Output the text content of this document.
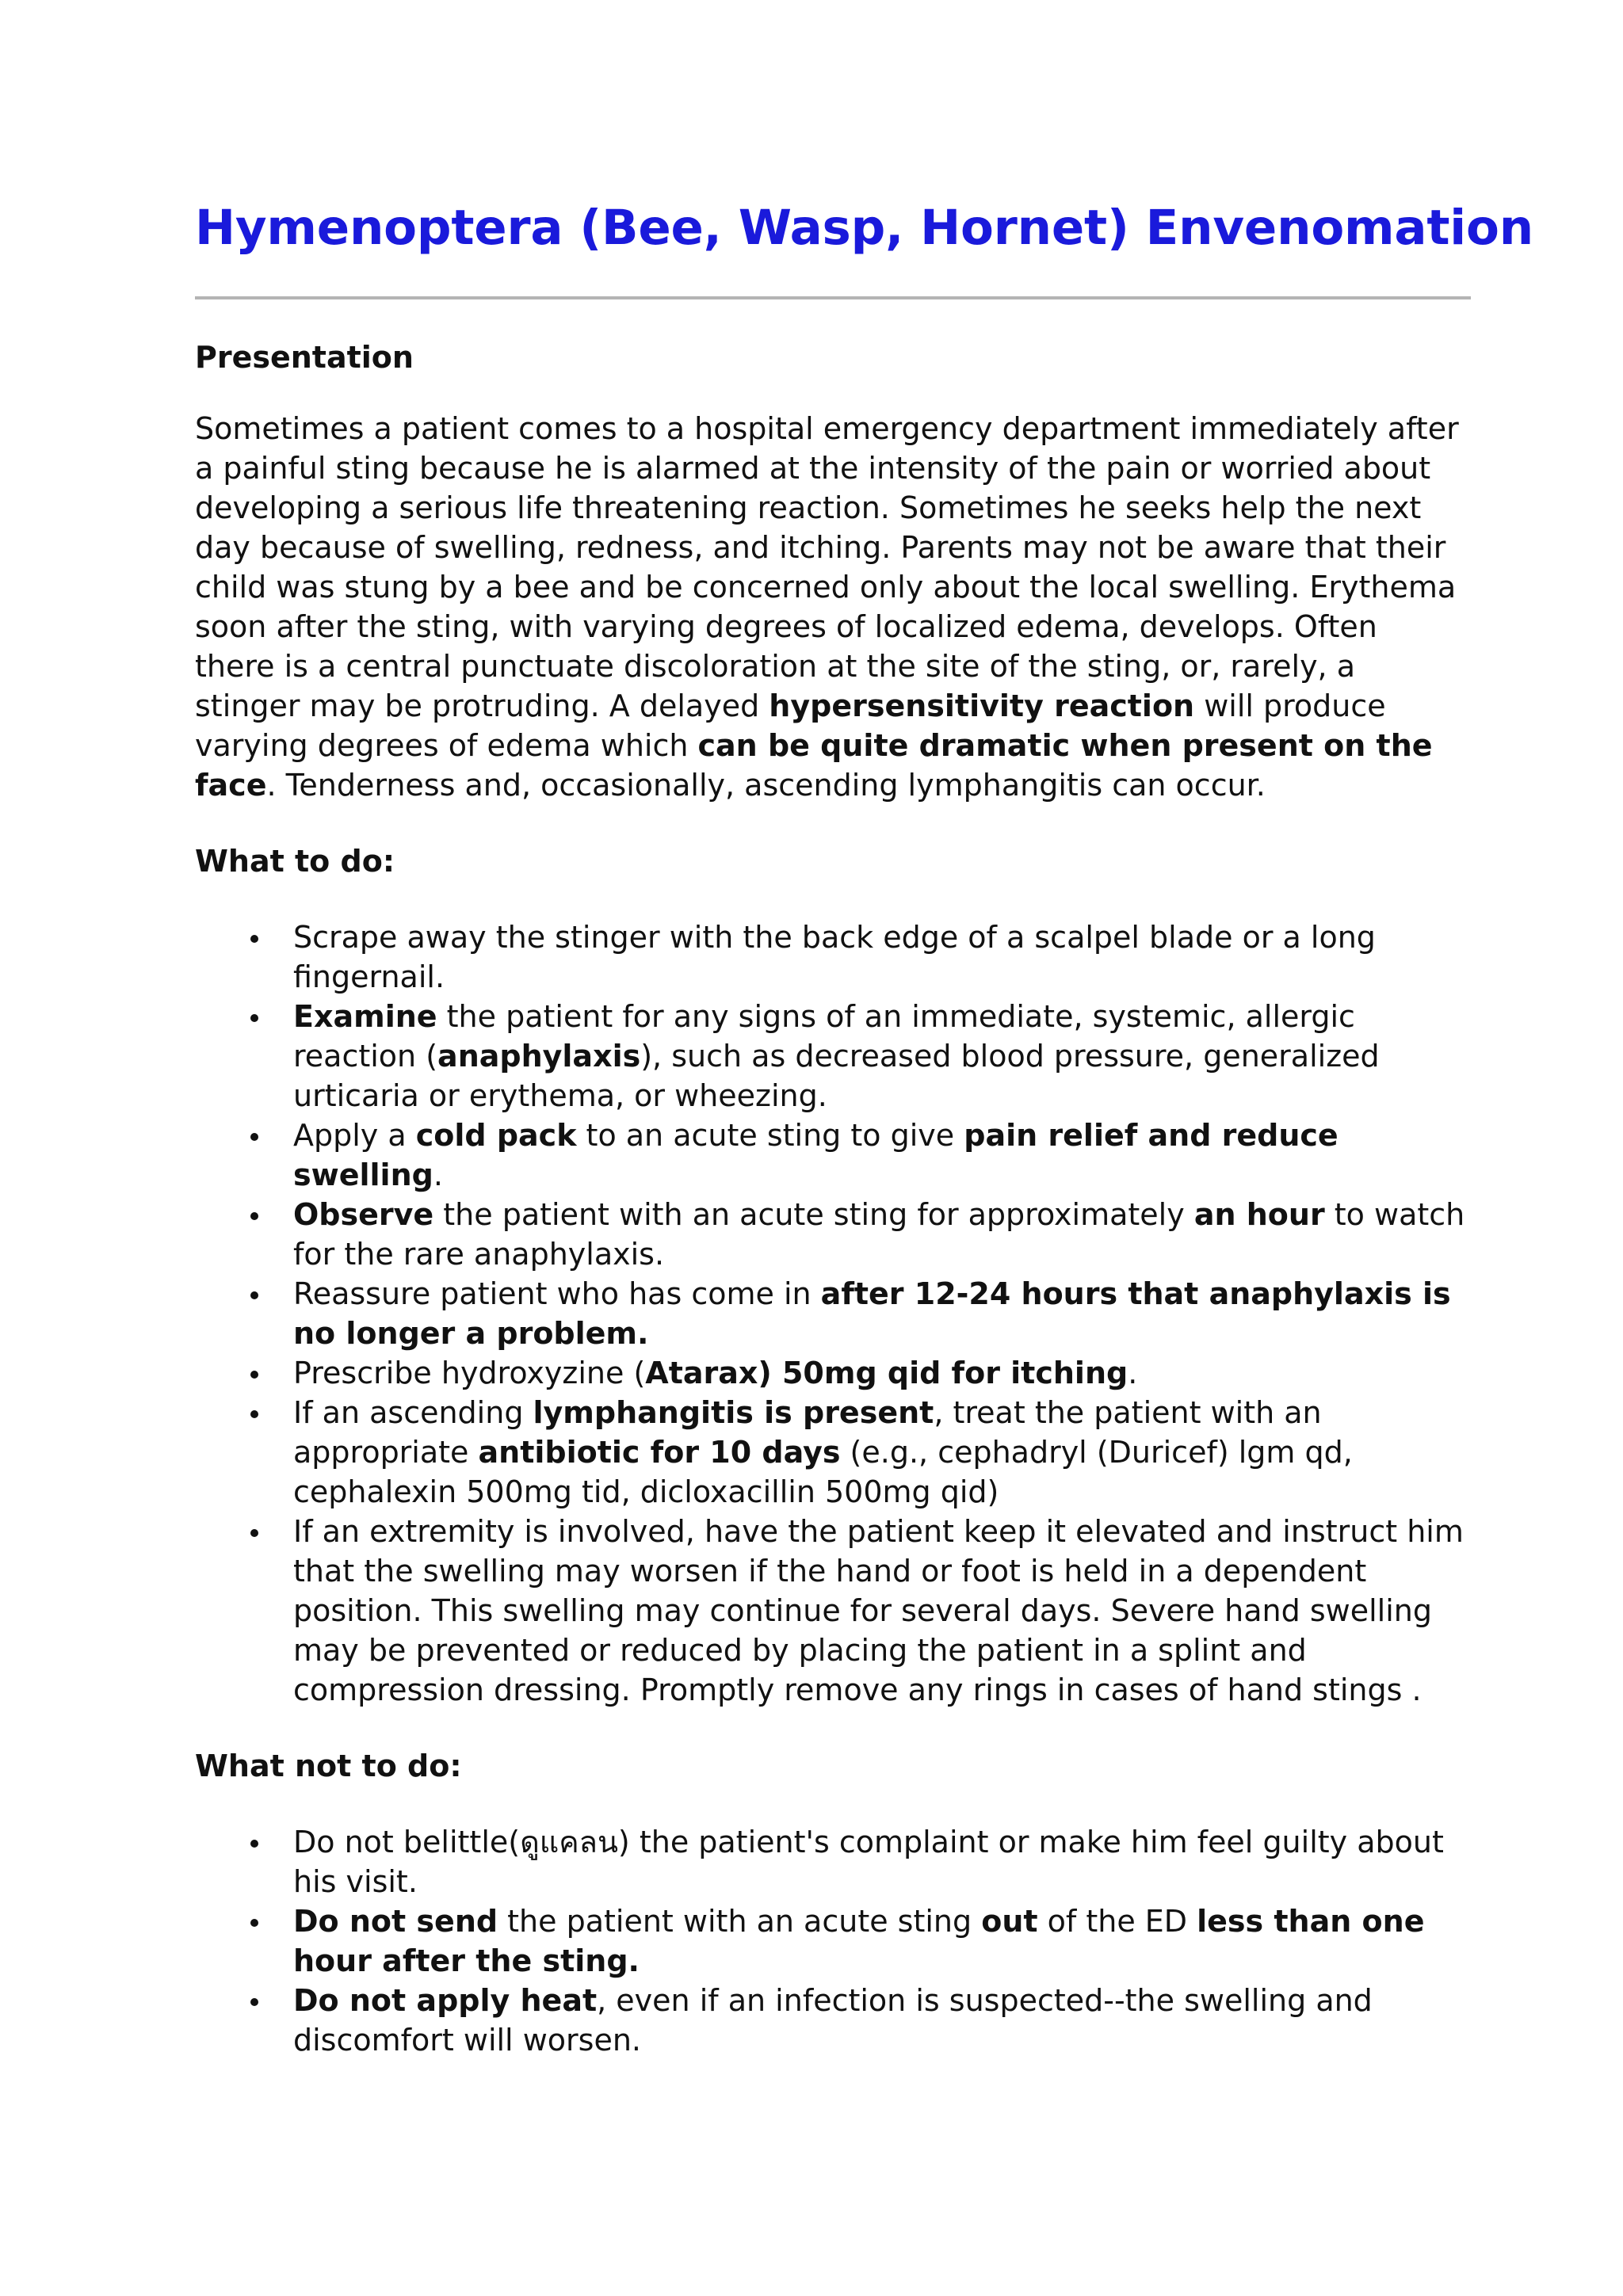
Hymenoptera (Bee, Wasp, Hornet) Envenomation
Presentation

Sometimes a patient comes to a hospital emergency department immediately after a painful sting because he is alarmed at the intensity of the pain or worried about developing a serious life threatening reaction. Sometimes he seeks help the next day because of swelling, redness, and itching. Parents may not be aware that their child was stung by a bee and be concerned only about the local swelling. Erythema soon after the sting, with varying degrees of localized edema, develops. Often there is a central punctuate discoloration at the site of the sting, or, rarely, a stinger may be protruding. A delayed hypersensitivity reaction will produce varying degrees of edema which can be quite dramatic when present on the face. Tenderness and, occasionally, ascending lymphangitis can occur.

What to do:
Scrape away the stinger with the back edge of a scalpel blade or a long fingernail.
Examine the patient for any signs of an immediate, systemic, allergic reaction (anaphylaxis), such as decreased blood pressure, generalized urticaria or erythema, or wheezing.
Apply a cold pack to an acute sting to give pain relief and reduce swelling.
Observe the patient with an acute sting for approximately an hour to watch for the rare anaphylaxis.
Reassure patient who has come in after 12-24 hours that anaphylaxis is no longer a problem.
Prescribe hydroxyzine (Atarax) 50mg qid for itching.
If an ascending lymphangitis is present, treat the patient with an appropriate antibiotic for 10 days (e.g., cephadryl (Duricef) lgm qd, cephalexin 500mg tid, dicloxacillin 500mg qid)
If an extremity is involved, have the patient keep it elevated and instruct him that the swelling may worsen if the hand or foot is held in a dependent position. This swelling may continue for several days. Severe hand swelling may be prevented or reduced by placing the patient in a splint and compression dressing. Promptly remove any rings in cases of hand stings .
What not to do:
Do not belittle(ดูแคลน) the patient's complaint or make him feel guilty about his visit.
Do not send the patient with an acute sting out of the ED less than one hour after the sting.
Do not apply heat, even if an infection is suspected--the swelling and discomfort will worsen.
